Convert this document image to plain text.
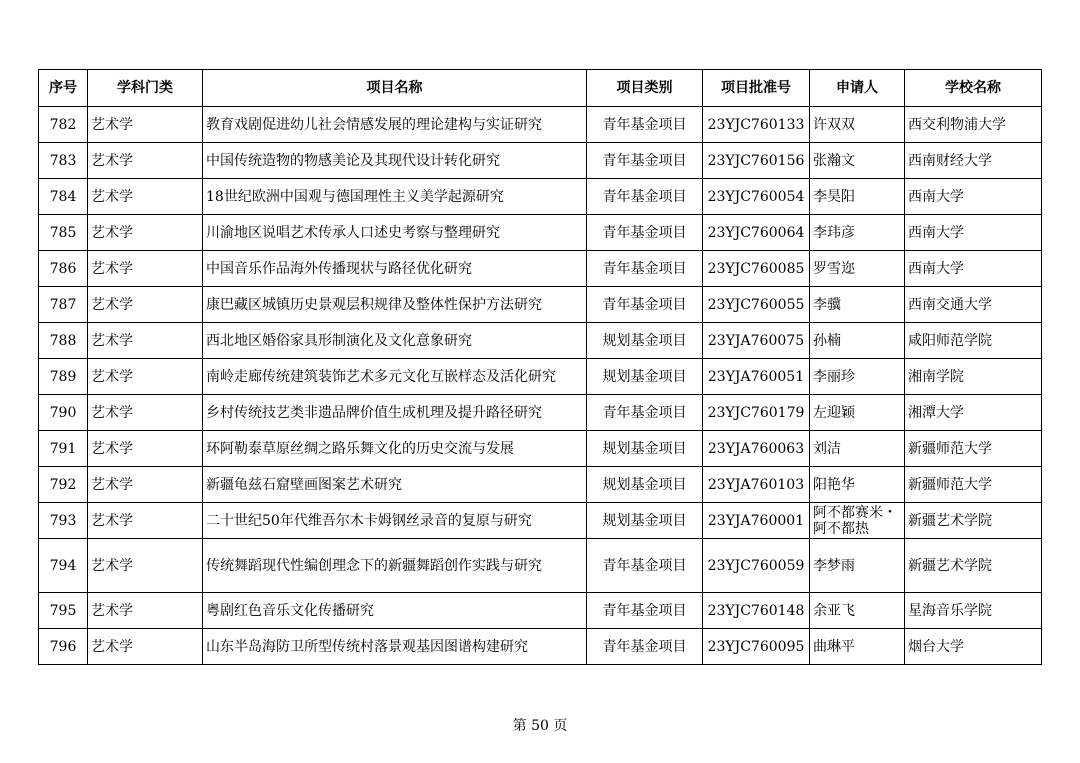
序号	学科门类	项目名称	项目类别	项目批准号	申请人	学校名称
782	艺术学	教育戏剧促进幼儿社会情感发展的理论建构与实证研究	青年基金项目	23YJC760133	许双双	西交利物浦大学
783	艺术学	中国传统造物的物感美论及其现代设计转化研究	青年基金项目	23YJC760156	张瀚文	西南财经大学
784	艺术学	18世纪欧洲中国观与德国理性主义美学起源研究	青年基金项目	23YJC760054	李昊阳	西南大学
785	艺术学	川渝地区说唱艺术传承人口述史考察与整理研究	青年基金项目	23YJC760064	李玮彦	西南大学
786	艺术学	中国音乐作品海外传播现状与路径优化研究	青年基金项目	23YJC760085	罗雪迩	西南大学
787	艺术学	康巴藏区城镇历史景观层积规律及整体性保护方法研究	青年基金项目	23YJC760055	李骥	西南交通大学
788	艺术学	西北地区婚俗家具形制演化及文化意象研究	规划基金项目	23YJA760075	孙楠	咸阳师范学院
789	艺术学	南岭走廊传统建筑装饰艺术多元文化互嵌样态及活化研究	规划基金项目	23YJA760051	李丽珍	湘南学院
790	艺术学	乡村传统技艺类非遗品牌价值生成机理及提升路径研究	青年基金项目	23YJC760179	左迎颖	湘潭大学
791	艺术学	环阿勒泰草原丝绸之路乐舞文化的历史交流与发展	规划基金项目	23YJA760063	刘洁	新疆师范大学
792	艺术学	新疆龟兹石窟壁画图案艺术研究	规划基金项目	23YJA760103	阳艳华	新疆师范大学
793	艺术学	二十世纪50年代维吾尔木卡姆钢丝录音的复原与研究	规划基金项目	23YJA760001	阿不都赛米・阿不都热	新疆艺术学院
794	艺术学	传统舞蹈现代性编创理念下的新疆舞蹈创作实践与研究	青年基金项目	23YJC760059	李梦雨	新疆艺术学院
795	艺术学	粤剧红色音乐文化传播研究	青年基金项目	23YJC760148	余亚飞	星海音乐学院
796	艺术学	山东半岛海防卫所型传统村落景观基因图谱构建研究	青年基金项目	23YJC760095	曲琳平	烟台大学
第 50 页
